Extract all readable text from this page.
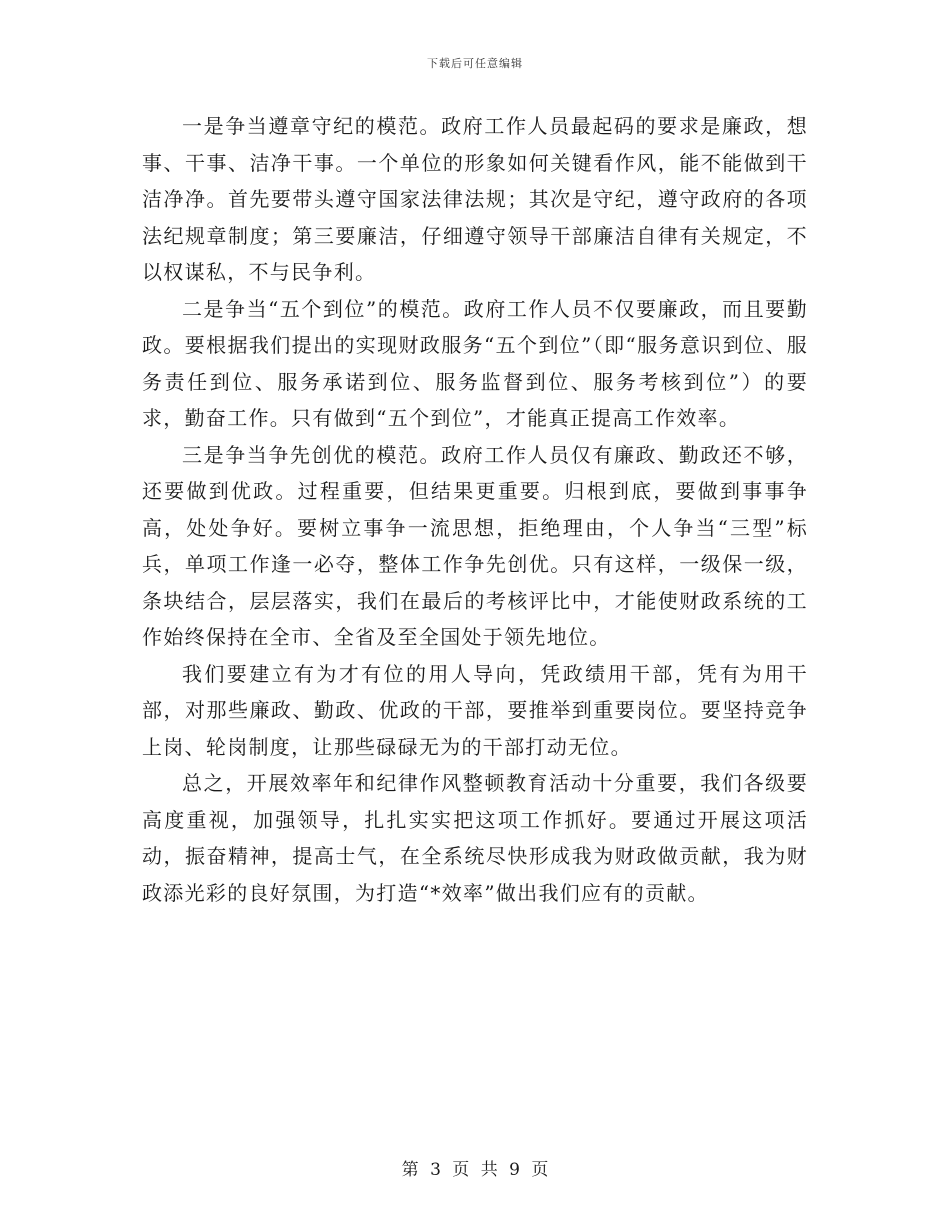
下载后可任意编辑

一是争当遵章守纪的模范。政府工作人员最起码的要求是廉政，想事、干事、洁净干事。一个单位的形象如何关键看作风，能不能做到干洁净净。首先要带头遵守国家法律法规；其次是守纪，遵守政府的各项法纪规章制度；第三要廉洁，仔细遵守领导干部廉洁自律有关规定，不以权谋私，不与民争利。

二是争当“五个到位”的模范。政府工作人员不仅要廉政，而且要勤政。要根据我们提出的实现财政服务“五个到位”（即“服务意识到位、服务责任到位、服务承诺到位、服务监督到位、服务考核到位”）的要求，勤奋工作。只有做到“五个到位”，才能真正提高工作效率。

三是争当争先创优的模范。政府工作人员仅有廉政、勤政还不够，还要做到优政。过程重要，但结果更重要。归根到底，要做到事事争高，处处争好。要树立事争一流思想，拒绝理由，个人争当“三型”标兵，单项工作逢一必夺，整体工作争先创优。只有这样，一级保一级，条块结合，层层落实，我们在最后的考核评比中，才能使财政系统的工作始终保持在全市、全省及至全国处于领先地位。

我们要建立有为才有位的用人导向，凭政绩用干部，凭有为用干部，对那些廉政、勤政、优政的干部，要推举到重要岗位。要坚持竞争上岗、轮岗制度，让那些碌碌无为的干部打动无位。

总之，开展效率年和纪律作风整顿教育活动十分重要，我们各级要高度重视，加强领导，扎扎实实把这项工作抓好。要通过开展这项活动，振奋精神，提高士气，在全系统尽快形成我为财政做贡献，我为财政添光彩的良好氛围，为打造“*效率”做出我们应有的贡献。

第 3 页 共 9 页
